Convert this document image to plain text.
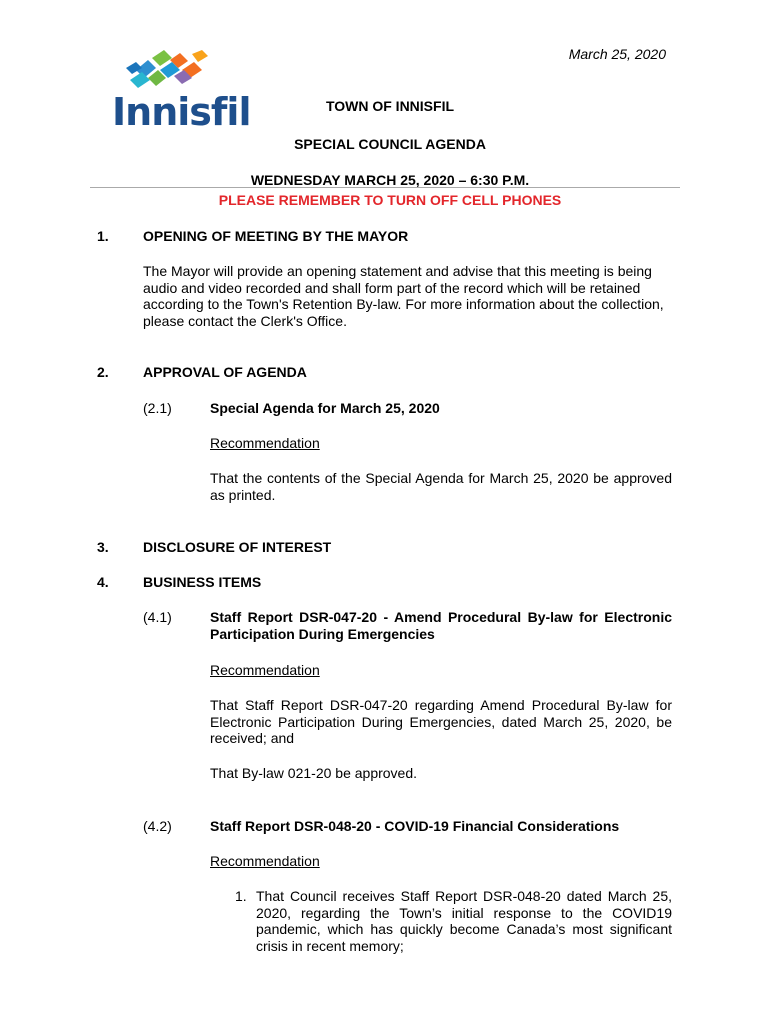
March 25, 2020
Innisfil	TOWN OF INNISFIL
SPECIAL COUNCIL AGENDA
WEDNESDAY MARCH 25, 2020 – 6:30 P.M.
PLEASE REMEMBER TO TURN OFF CELL PHONES
1. OPENING OF MEETING BY THE MAYOR
The Mayor will provide an opening statement and advise that this meeting is being audio and video recorded and shall form part of the record which will be retained according to the Town's Retention By-law. For more information about the collection, please contact the Clerk's Office.
2. APPROVAL OF AGENDA
(2.1)	Special Agenda for March 25, 2020
Recommendation
That the contents of the Special Agenda for March 25, 2020 be approved as printed.
3. DISCLOSURE OF INTEREST
4. BUSINESS ITEMS
(4.1)	Staff Report DSR-047-20 - Amend Procedural By-law for Electronic Participation During Emergencies
Recommendation
That Staff Report DSR-047-20 regarding Amend Procedural By-law for Electronic Participation During Emergencies, dated March 25, 2020, be received; and
That By-law 021-20 be approved.
(4.2)	Staff Report DSR-048-20 - COVID-19 Financial Considerations
Recommendation
1. That Council receives Staff Report DSR-048-20 dated March 25, 2020, regarding the Town’s initial response to the COVID19 pandemic, which has quickly become Canada’s most significant crisis in recent memory;
